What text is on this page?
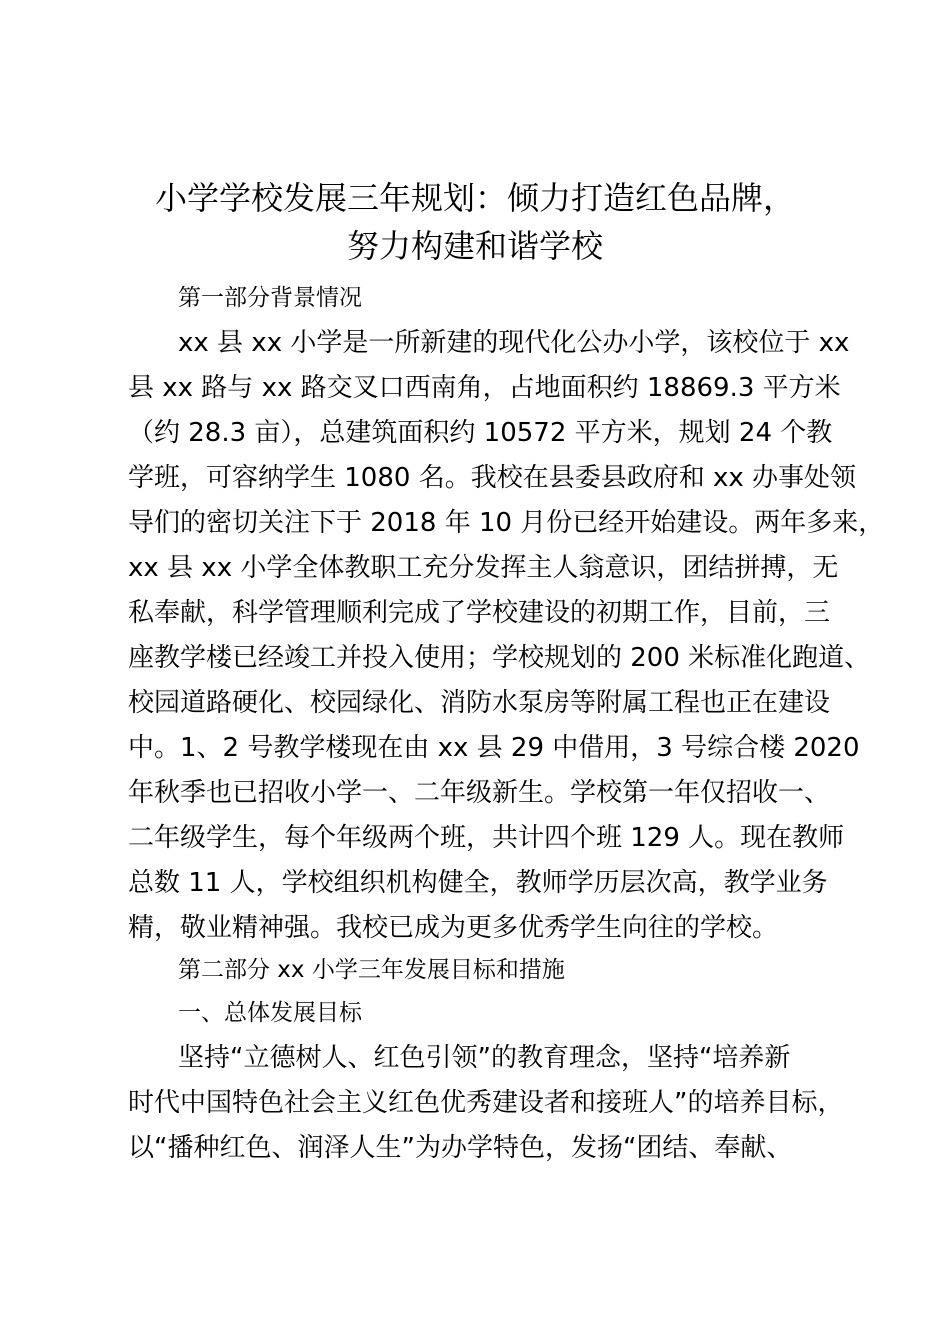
小学学校发展三年规划：倾力打造红色品牌，
努力构建和谐学校
第一部分背景情况
xx 县 xx 小学是一所新建的现代化公办小学，该校位于 xx
县 xx 路与 xx 路交叉口西南角，占地面积约 18869.3 平方米
（约 28.3 亩），总建筑面积约 10572 平方米，规划 24 个教
学班，可容纳学生 1080 名。我校在县委县政府和 xx 办事处领
导们的密切关注下于 2018 年 10 月份已经开始建设。两年多来，
xx 县 xx 小学全体教职工充分发挥主人翁意识，团结拼搏，无
私奉献，科学管理顺利完成了学校建设的初期工作，目前，三
座教学楼已经竣工并投入使用；学校规划的 200 米标准化跑道、
校园道路硬化、校园绿化、消防水泵房等附属工程也正在建设
中。1、2 号教学楼现在由 xx 县 29 中借用，3 号综合楼 2020
年秋季也已招收小学一、二年级新生。学校第一年仅招收一、
二年级学生，每个年级两个班，共计四个班 129 人。现在教师
总数 11 人，学校组织机构健全，教师学历层次高，教学业务
精，敬业精神强。我校已成为更多优秀学生向往的学校。
第二部分 xx 小学三年发展目标和措施
一、总体发展目标
坚持“立德树人、红色引领”的教育理念，坚持“培养新
时代中国特色社会主义红色优秀建设者和接班人”的培养目标，
以“播种红色、润泽人生”为办学特色，发扬“团结、奉献、
